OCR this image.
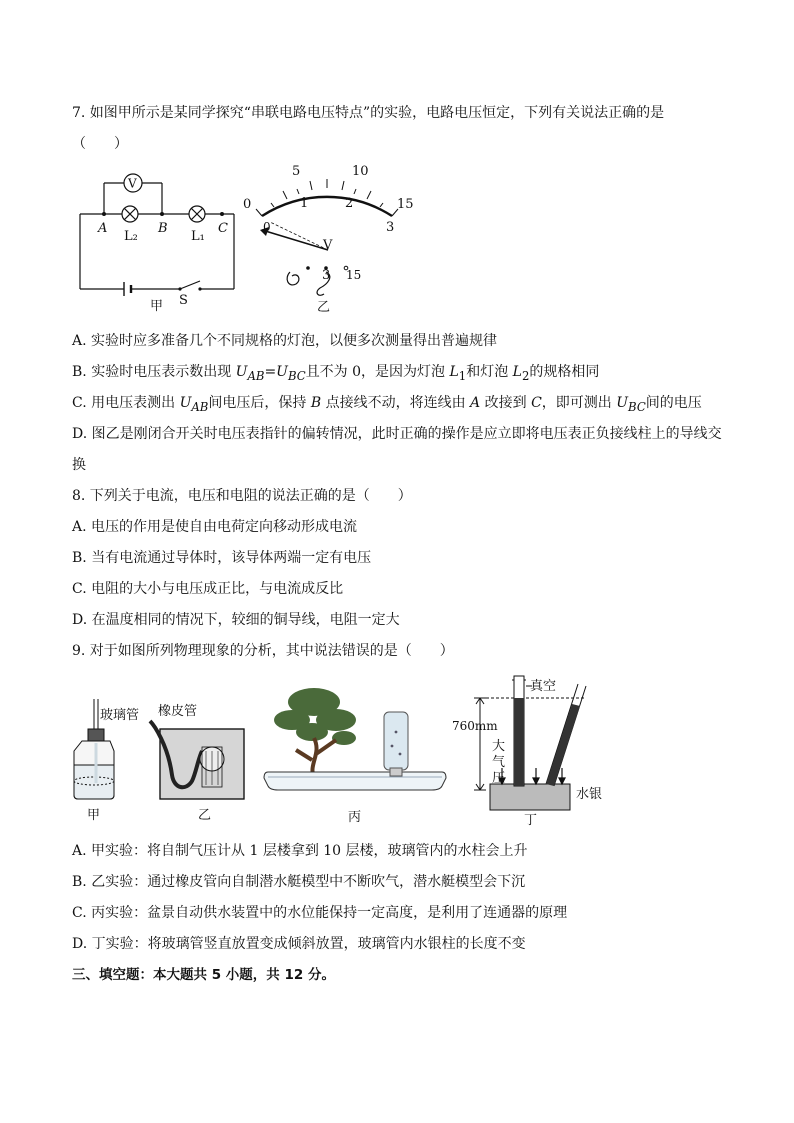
7. 如图甲所示是某同学探究“串联电路电压特点”的实验，电路电压恒定，下列有关说法正确的是
（　　）
V
A	B	C
L₂	L₁
S
甲
5	10
15
0
0
1	2
3
V
3 15
乙
A. 实验时应多准备几个不同规格的灯泡，以便多次测量得出普遍规律
B. 实验时电压表示数出现 $U_{AB}=U_{BC}$且不为 0，是因为灯泡 $L_1$和灯泡 $L_2$的规格相同
C. 用电压表测出 $U_{AB}$间电压后，保持 B 点接线不动，将连线由 A 改接到 C，即可测出 $U_{BC}$间的电压
D. 图乙是刚闭合开关时电压表指针的偏转情况，此时正确的操作是应立即将电压表正负接线柱上的导线交
换
8. 下列关于电流，电压和电阻的说法正确的是（　　）
A. 电压的作用是使自由电荷定向移动形成电流
B. 当有电流通过导体时，该导体两端一定有电压
C. 电阻的大小与电压成正比，与电流成反比
D. 在温度相同的情况下，较细的铜导线，电阻一定大
9. 对于如图所列物理现象的分析，其中说法错误的是（　　）
玻璃管
甲
橡皮管
乙	丙
真空
760mm
大
气
压
水银
丁
A. 甲实验：将自制气压计从 1 层楼拿到 10 层楼，玻璃管内的水柱会上升
B. 乙实验：通过橡皮管向自制潜水艇模型中不断吹气，潜水艇模型会下沉
C. 丙实验：盆景自动供水装置中的水位能保持一定高度，是利用了连通器的原理
D. 丁实验：将玻璃管竖直放置变成倾斜放置，玻璃管内水银柱的长度不变
三、填空题：本大题共 5 小题，共 12 分。
